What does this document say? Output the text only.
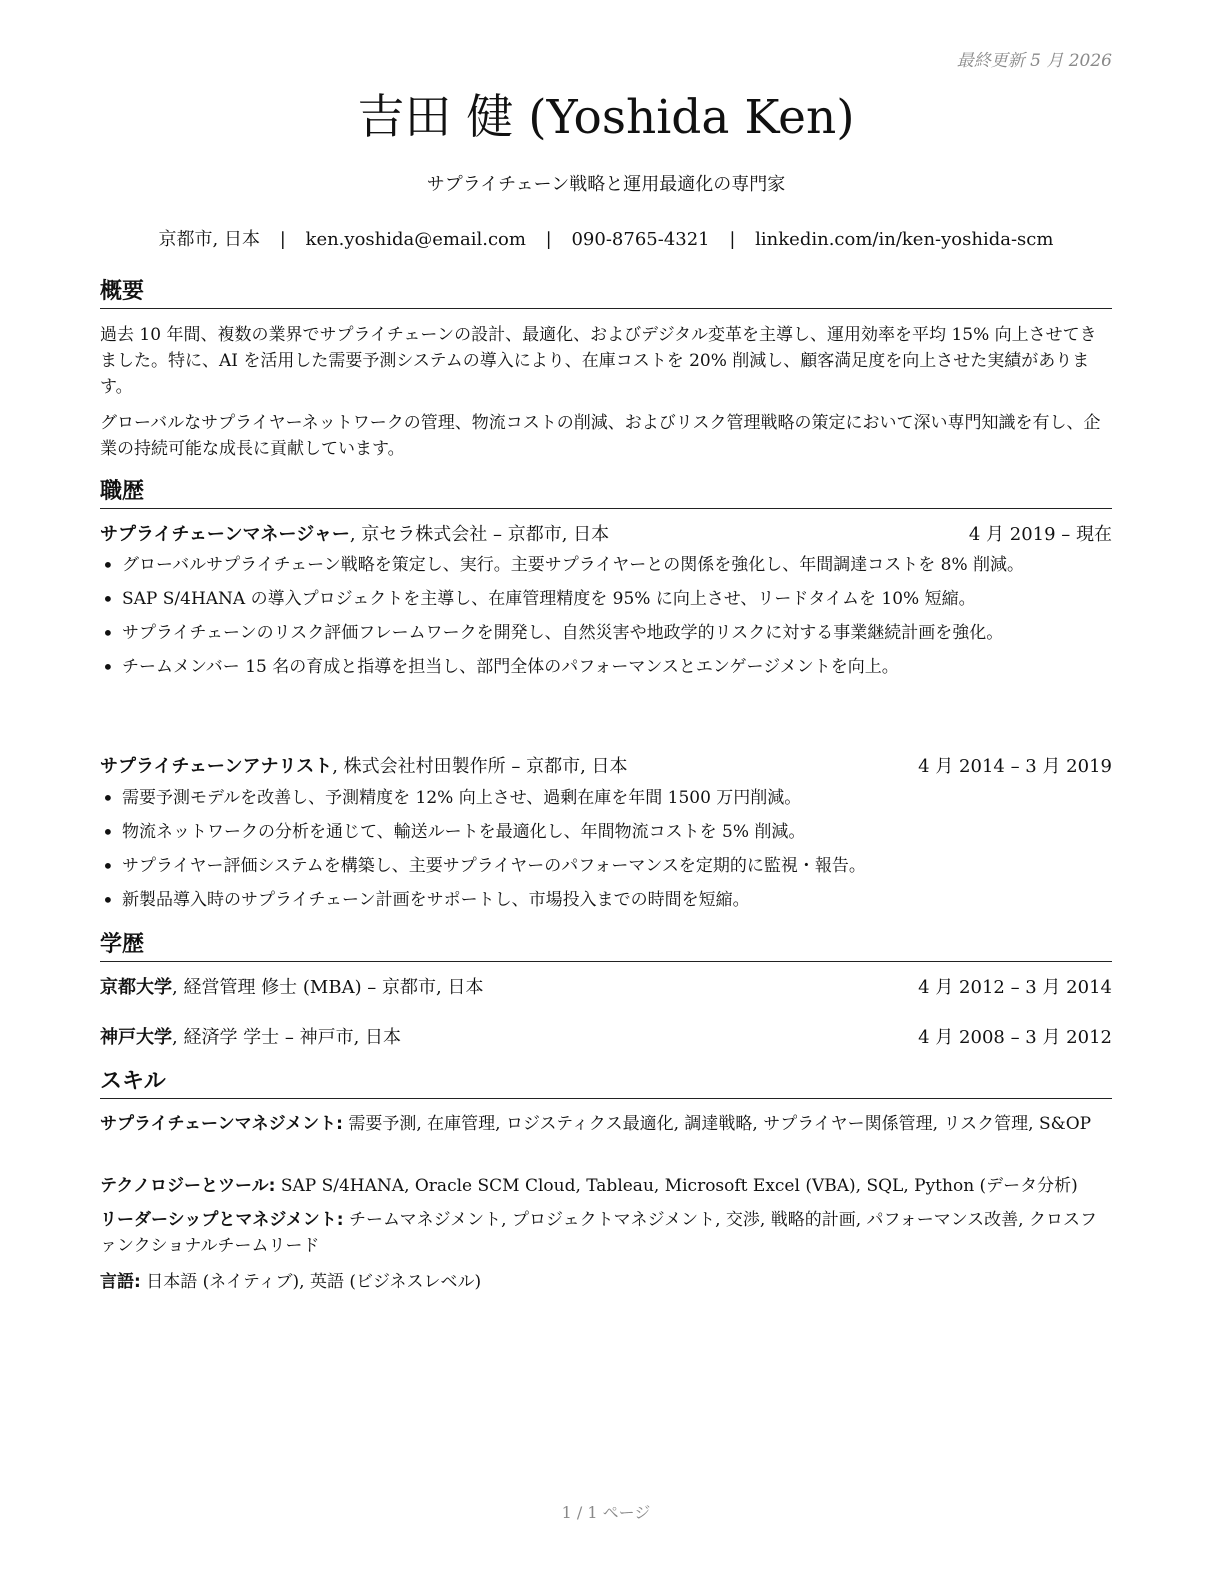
最終更新 5 月 2026
吉田 健 (Yoshida Ken)
サプライチェーン戦略と運用最適化の専門家
京都市, 日本 | ken.yoshida@email.com | 090-8765-4321 | linkedin.com/in/ken-yoshida-scm
概要

過去 10 年間、複数の業界でサプライチェーンの設計、最適化、およびデジタル変革を主導し、運用効率を平均 15% 向上させてきました。特に、AI を活用した需要予測システムの導入により、在庫コストを 20% 削減し、顧客満足度を向上させた実績があります。

グローバルなサプライヤーネットワークの管理、物流コストの削減、およびリスク管理戦略の策定において深い専門知識を有し、企業の持続可能な成長に貢献しています。

職歴
サプライチェーンマネージャー, 京セラ株式会社 – 京都市, 日本	4 月 2019 – 現在
• グローバルサプライチェーン戦略を策定し、実行。主要サプライヤーとの関係を強化し、年間調達コストを 8% 削減。
• SAP S/4HANA の導入プロジェクトを主導し、在庫管理精度を 95% に向上させ、リードタイムを 10% 短縮。
• サプライチェーンのリスク評価フレームワークを開発し、自然災害や地政学的リスクに対する事業継続計画を強化。
• チームメンバー 15 名の育成と指導を担当し、部門全体のパフォーマンスとエンゲージメントを向上。
サプライチェーンアナリスト, 株式会社村田製作所 – 京都市, 日本	4 月 2014 – 3 月 2019
• 需要予測モデルを改善し、予測精度を 12% 向上させ、過剰在庫を年間 1500 万円削減。
• 物流ネットワークの分析を通じて、輸送ルートを最適化し、年間物流コストを 5% 削減。
• サプライヤー評価システムを構築し、主要サプライヤーのパフォーマンスを定期的に監視・報告。
• 新製品導入時のサプライチェーン計画をサポートし、市場投入までの時間を短縮。
学歴
京都大学, 経営管理 修士 (MBA) – 京都市, 日本	4 月 2012 – 3 月 2014
神戸大学, 経済学 学士 – 神戸市, 日本	4 月 2008 – 3 月 2012
スキル

サプライチェーンマネジメント: 需要予測, 在庫管理, ロジスティクス最適化, 調達戦略, サプライヤー関係管理, リスク管理, S&OP

テクノロジーとツール: SAP S/4HANA, Oracle SCM Cloud, Tableau, Microsoft Excel (VBA), SQL, Python (データ分析)

リーダーシップとマネジメント: チームマネジメント, プロジェクトマネジメント, 交渉, 戦略的計画, パフォーマンス改善, クロスファンクショナルチームリード

言語: 日本語 (ネイティブ), 英語 (ビジネスレベル)

1 / 1 ページ
